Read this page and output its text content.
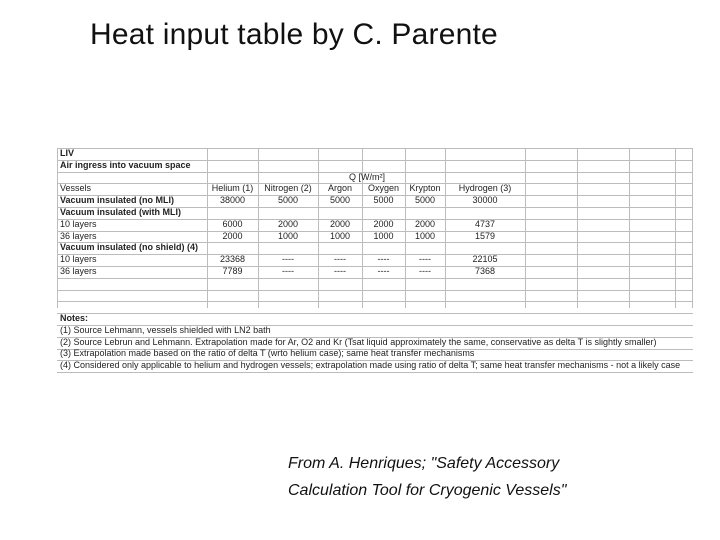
Heat input table by C. Parente
LIV
Air ingress into vacuum space
Q [W/m²]
Vessels	Helium (1)	Nitrogen (2)	Argon	Oxygen	Krypton	Hydrogen (3)
Vacuum insulated (no MLI)	38000	5000	5000	5000	5000	30000
Vacuum insulated (with MLI)
10 layers	6000	2000	2000	2000	2000	4737
36 layers	2000	1000	1000	1000	1000	1579
Vacuum insulated (no shield) (4)
10 layers	23368	----	----	----	----	22105
36 layers	7789	----	----	----	----	7368
Notes:
(1) Source Lehmann, vessels shielded with LN2 bath
(2) Source Lebrun and Lehmann. Extrapolation made for Ar, O2 and Kr (Tsat liquid approximately the same, conservative as delta T is slightly smaller)
(3) Extrapolation made based on the ratio of delta T (wrto helium case); same heat transfer mechanisms
(4) Considered only applicable to helium and hydrogen vessels; extrapolation made using ratio of delta T; same heat transfer mechanisms - not a likely case
From A. Henriques; "Safety Accessory
Calculation Tool for Cryogenic Vessels"
